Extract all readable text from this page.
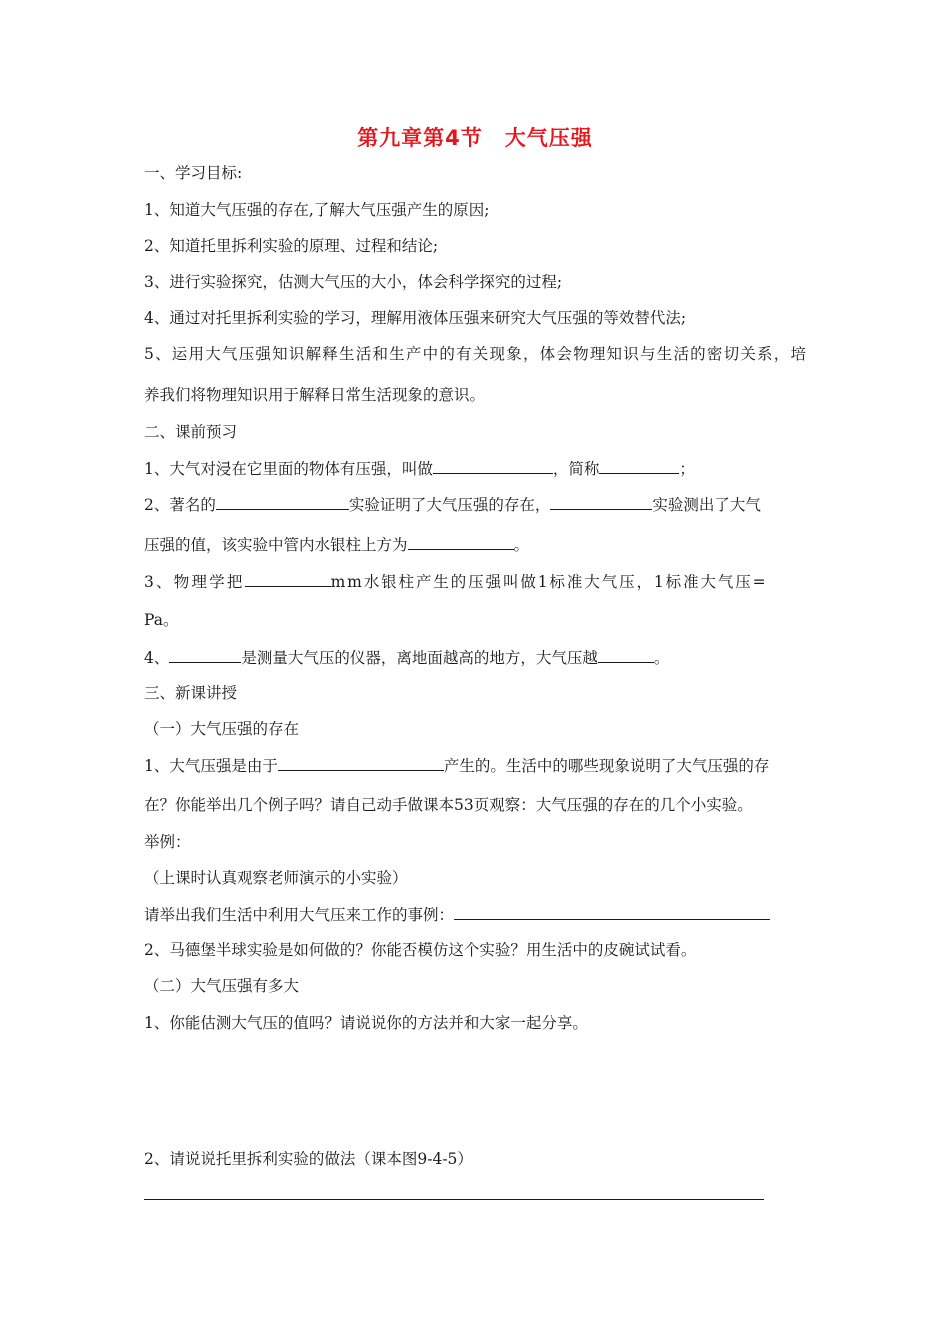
第九章第4节　大气压强
一、学习目标:
1、知道大气压强的存在,了解大气压强产生的原因;
2、知道托里拆利实验的原理、过程和结论;
3、进行实验探究，估测大气压的大小，体会科学探究的过程;
4、通过对托里拆利实验的学习，理解用液体压强来研究大气压强的等效替代法;
5、运用大气压强知识解释生活和生产中的有关现象，体会物理知识与生活的密切关系，培
养我们将物理知识用于解释日常生活现象的意识。
二、课前预习
1、大气对浸在它里面的物体有压强，叫做	，简称	；
2、著名的	实验证明了大气压强的存在，	实验测出了大气
压强的值，该实验中管内水银柱上方为	。
3、物理学把	mm水银柱产生的压强叫做1标准大气压，1标准大气压=
Pa。
4、	是测量大气压的仪器，离地面越高的地方，大气压越	。
三、新课讲授
（一）大气压强的存在
1、大气压强是由于	产生的。生活中的哪些现象说明了大气压强的存
在？你能举出几个例子吗？请自己动手做课本53页观察：大气压强的存在的几个小实验。
举例：
（上课时认真观察老师演示的小实验）
请举出我们生活中利用大气压来工作的事例：
2、马德堡半球实验是如何做的？你能否模仿这个实验？用生活中的皮碗试试看。
（二）大气压强有多大
1、你能估测大气压的值吗？请说说你的方法并和大家一起分享。
2、请说说托里拆利实验的做法（课本图9-4-5）
